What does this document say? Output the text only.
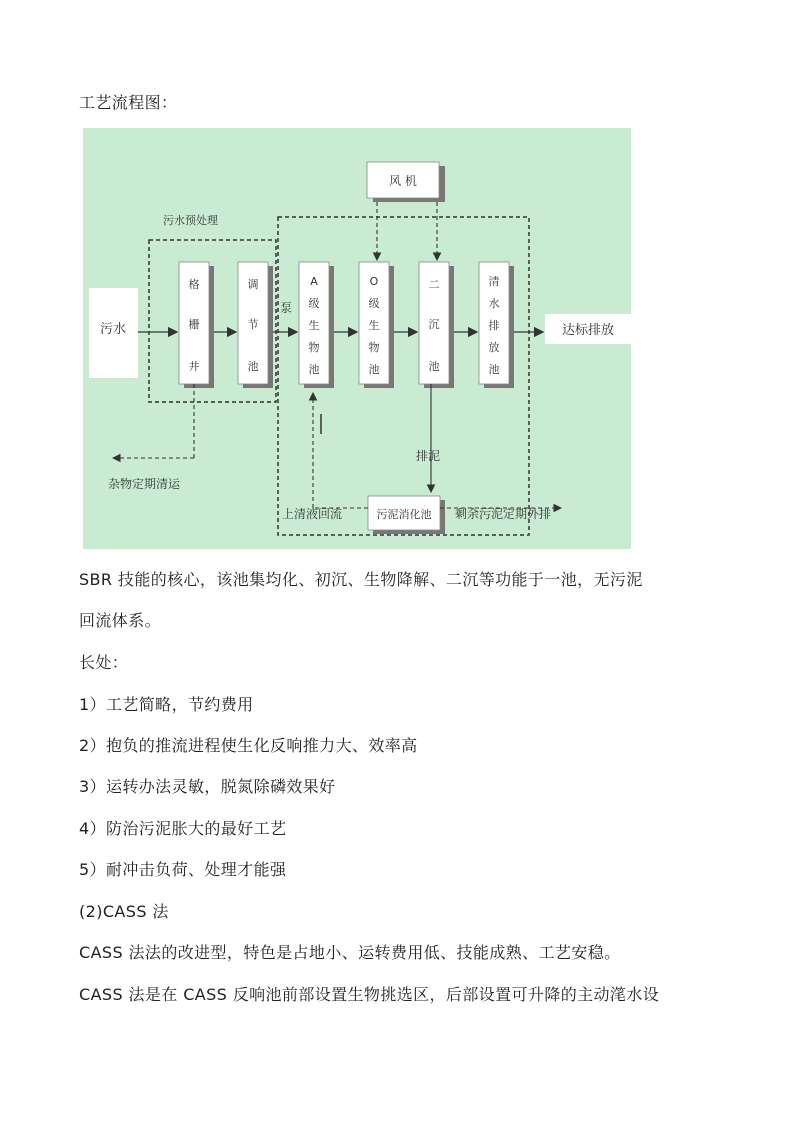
工艺流程图：
污水
污水预处理
格
栅
井
调
节
池
泵
A
级
生
物
池
O
级
生
物
池
二
沉
池
清
水
排
放
池
风 机
达标排放
杂物定期清运
排泥
污泥消化池
上清液回流	剩余污泥定期外排
SBR 技能的核心，该池集均化、初沉、生物降解、二沉等功能于一池，无污泥
回流体系。
长处：
1）工艺简略，节约费用
2）抱负的推流进程使生化反响推力大、效率高
3）运转办法灵敏，脱氮除磷效果好
4）防治污泥胀大的最好工艺
5）耐冲击负荷、处理才能强
(2)CASS 法
CASS 法法的改进型，特色是占地小、运转费用低、技能成熟、工艺安稳。
CASS 法是在 CASS 反响池前部设置生物挑选区，后部设置可升降的主动滗水设
